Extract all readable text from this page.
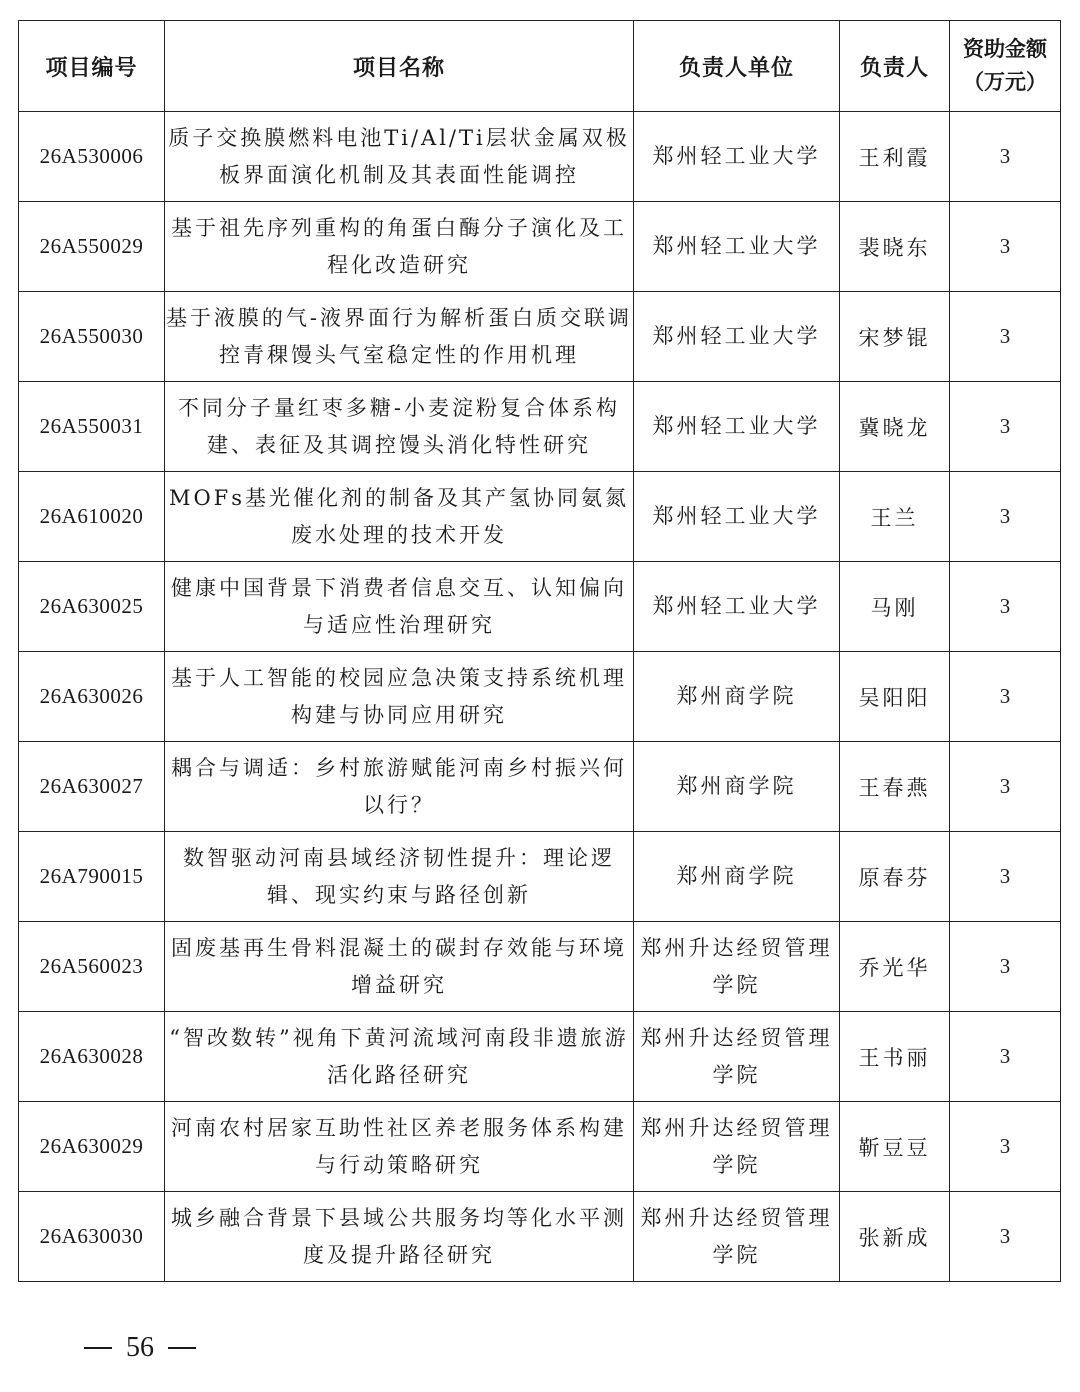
项目编号	项目名称	负责人单位	负责人	资助金额
（万元）

26A530006	质子交换膜燃料电池Ti/Al/Ti层状金属双极板界面演化机制及其表面性能调控	郑州轻工业大学	王利霞	3
26A550029	基于祖先序列重构的角蛋白酶分子演化及工程化改造研究	郑州轻工业大学	裴晓东	3
26A550030	基于液膜的气-液界面行为解析蛋白质交联调控青稞馒头气室稳定性的作用机理	郑州轻工业大学	宋梦锟	3
26A550031	不同分子量红枣多糖-小麦淀粉复合体系构建、表征及其调控馒头消化特性研究	郑州轻工业大学	冀晓龙	3
26A610020	MOFs基光催化剂的制备及其产氢协同氨氮废水处理的技术开发	郑州轻工业大学	王兰	3
26A630025	健康中国背景下消费者信息交互、认知偏向与适应性治理研究	郑州轻工业大学	马刚	3
26A630026	基于人工智能的校园应急决策支持系统机理构建与协同应用研究	郑州商学院	吴阳阳	3
26A630027	耦合与调适：乡村旅游赋能河南乡村振兴何以行？	郑州商学院	王春燕	3
26A790015	数智驱动河南县域经济韧性提升：理论逻辑、现实约束与路径创新	郑州商学院	原春芬	3
26A560023	固废基再生骨料混凝土的碳封存效能与环境增益研究	郑州升达经贸管理学院	乔光华	3
26A630028	“智改数转”视角下黄河流域河南段非遗旅游活化路径研究	郑州升达经贸管理学院	王书丽	3
26A630029	河南农村居家互助性社区养老服务体系构建与行动策略研究	郑州升达经贸管理学院	靳豆豆	3
26A630030	城乡融合背景下县域公共服务均等化水平测度及提升路径研究	郑州升达经贸管理学院	张新成	3
56
